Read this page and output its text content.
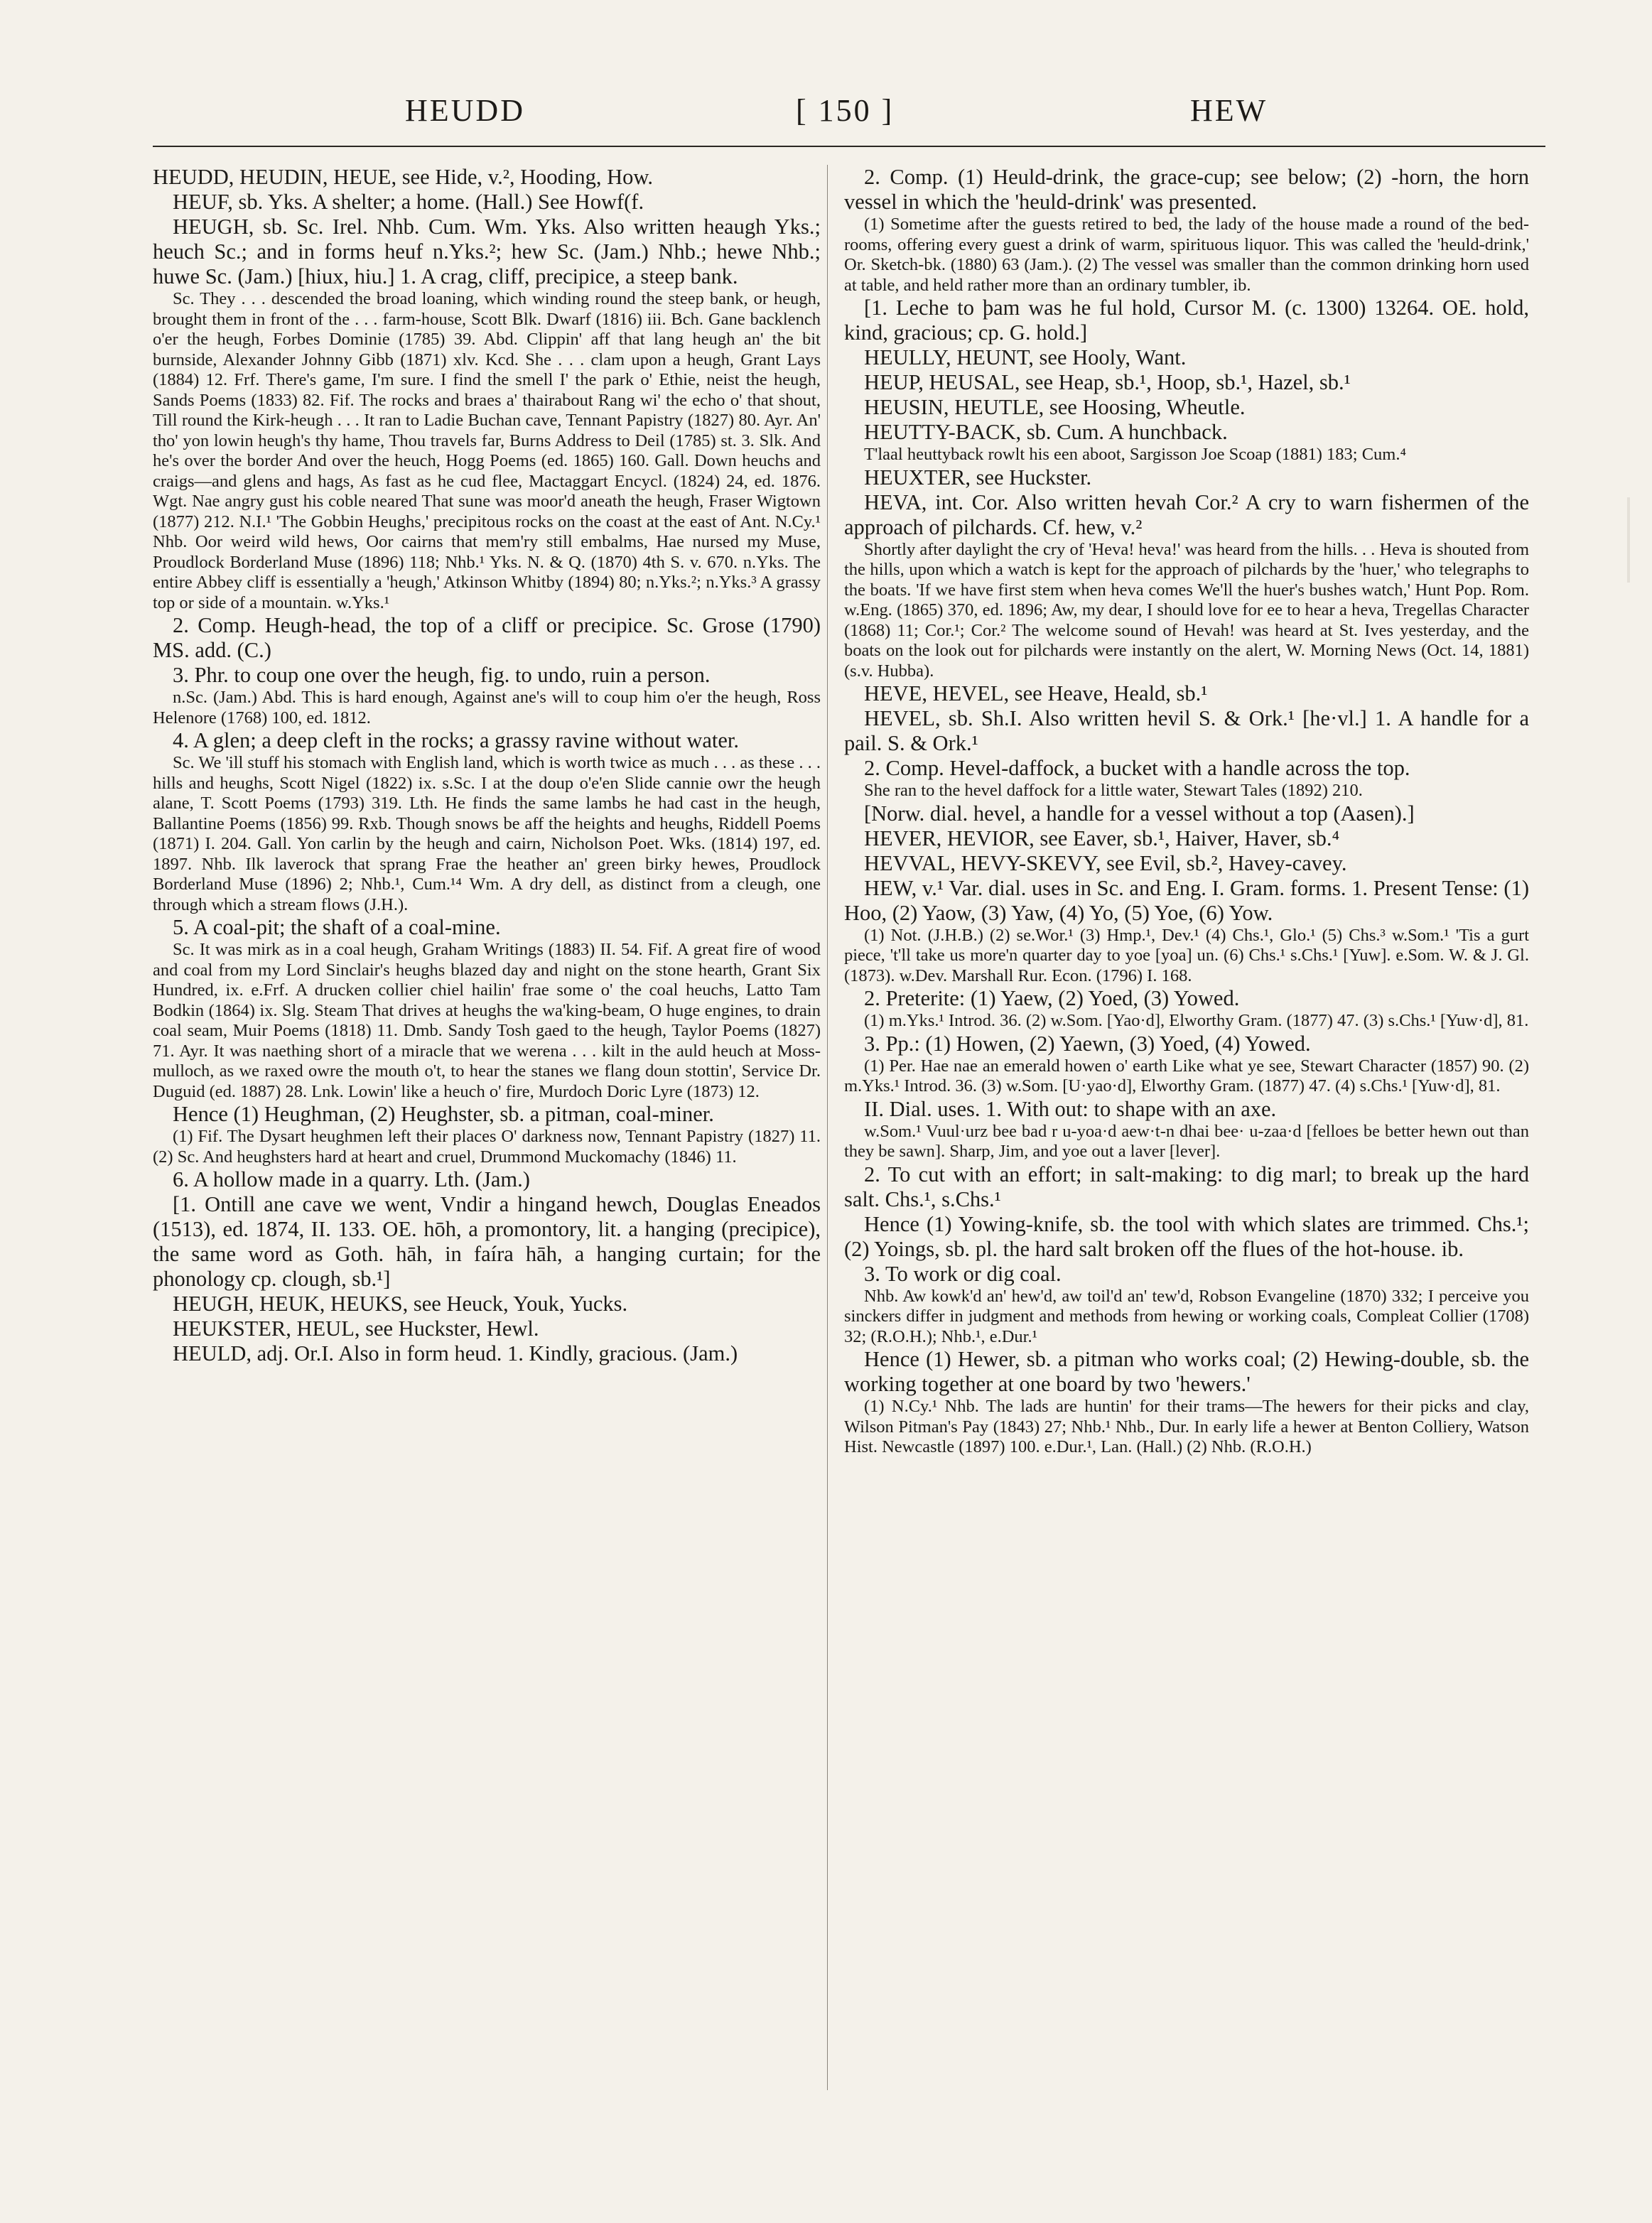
HEUDD	[ 150 ]	HEW

HEUDD, HEUDIN, HEUE, see Hide, v.², Hooding, How.

HEUF, sb. Yks. A shelter; a home. (Hall.) See Howf(f.

HEUGH, sb. Sc. Irel. Nhb. Cum. Wm. Yks. Also written heaugh Yks.; heuch Sc.; and in forms heuf n.Yks.²; hew Sc. (Jam.) Nhb.; hewe Nhb.; huwe Sc. (Jam.) [hiux, hiu.] 1. A crag, cliff, precipice, a steep bank.

Sc. They . . . descended the broad loaning, which winding round the steep bank, or heugh, brought them in front of the . . . farm-house, Scott Blk. Dwarf (1816) iii. Bch. Gane backlench o'er the heugh, Forbes Dominie (1785) 39. Abd. Clippin' aff that lang heugh an' the bit burnside, Alexander Johnny Gibb (1871) xlv. Kcd. She . . . clam upon a heugh, Grant Lays (1884) 12. Frf. There's game, I'm sure. I find the smell I' the park o' Ethie, neist the heugh, Sands Poems (1833) 82. Fif. The rocks and braes a' thairabout Rang wi' the echo o' that shout, Till round the Kirk-heugh . . . It ran to Ladie Buchan cave, Tennant Papistry (1827) 80. Ayr. An' tho' yon lowin heugh's thy hame, Thou travels far, Burns Address to Deil (1785) st. 3. Slk. And he's over the border And over the heuch, Hogg Poems (ed. 1865) 160. Gall. Down heuchs and craigs—and glens and hags, As fast as he cud flee, Mactaggart Encycl. (1824) 24, ed. 1876. Wgt. Nae angry gust his coble neared That sune was moor'd aneath the heugh, Fraser Wigtown (1877) 212. N.I.¹ 'The Gobbin Heughs,' precipitous rocks on the coast at the east of Ant. N.Cy.¹ Nhb. Oor weird wild hews, Oor cairns that mem'ry still embalms, Hae nursed my Muse, Proudlock Borderland Muse (1896) 118; Nhb.¹ Yks. N. & Q. (1870) 4th S. v. 670. n.Yks. The entire Abbey cliff is essentially a 'heugh,' Atkinson Whitby (1894) 80; n.Yks.²; n.Yks.³ A grassy top or side of a mountain. w.Yks.¹

2. Comp. Heugh-head, the top of a cliff or precipice. Sc. Grose (1790) MS. add. (C.)

3. Phr. to coup one over the heugh, fig. to undo, ruin a person.

n.Sc. (Jam.) Abd. This is hard enough, Against ane's will to coup him o'er the heugh, Ross Helenore (1768) 100, ed. 1812.

4. A glen; a deep cleft in the rocks; a grassy ravine without water.

Sc. We 'ill stuff his stomach with English land, which is worth twice as much . . . as these . . . hills and heughs, Scott Nigel (1822) ix. s.Sc. I at the doup o'e'en Slide cannie owr the heugh alane, T. Scott Poems (1793) 319. Lth. He finds the same lambs he had cast in the heugh, Ballantine Poems (1856) 99. Rxb. Though snows be aff the heights and heughs, Riddell Poems (1871) I. 204. Gall. Yon carlin by the heugh and cairn, Nicholson Poet. Wks. (1814) 197, ed. 1897. Nhb. Ilk laverock that sprang Frae the heather an' green birky hewes, Proudlock Borderland Muse (1896) 2; Nhb.¹, Cum.¹⁴ Wm. A dry dell, as distinct from a cleugh, one through which a stream flows (J.H.).

5. A coal-pit; the shaft of a coal-mine.

Sc. It was mirk as in a coal heugh, Graham Writings (1883) II. 54. Fif. A great fire of wood and coal from my Lord Sinclair's heughs blazed day and night on the stone hearth, Grant Six Hundred, ix. e.Frf. A drucken collier chiel hailin' frae some o' the coal heuchs, Latto Tam Bodkin (1864) ix. Slg. Steam That drives at heughs the wa'king-beam, O huge engines, to drain coal seam, Muir Poems (1818) 11. Dmb. Sandy Tosh gaed to the heugh, Taylor Poems (1827) 71. Ayr. It was naething short of a miracle that we werena . . . kilt in the auld heuch at Moss-mulloch, as we raxed owre the mouth o't, to hear the stanes we flang doun stottin', Service Dr. Duguid (ed. 1887) 28. Lnk. Lowin' like a heuch o' fire, Murdoch Doric Lyre (1873) 12.

Hence (1) Heughman, (2) Heughster, sb. a pitman, coal-miner.

(1) Fif. The Dysart heughmen left their places O' darkness now, Tennant Papistry (1827) 11. (2) Sc. And heughsters hard at heart and cruel, Drummond Muckomachy (1846) 11.

6. A hollow made in a quarry. Lth. (Jam.)

[1. Ontill ane cave we went, Vndir a hingand hewch, Douglas Eneados (1513), ed. 1874, II. 133. OE. hōh, a promontory, lit. a hanging (precipice), the same word as Goth. hāh, in faíra hāh, a hanging curtain; for the phonology cp. clough, sb.¹]

HEUGH, HEUK, HEUKS, see Heuck, Youk, Yucks.

HEUKSTER, HEUL, see Huckster, Hewl.

HEULD, adj. Or.I. Also in form heud. 1. Kindly, gracious. (Jam.)

2. Comp. (1) Heuld-drink, the grace-cup; see below; (2) -horn, the horn vessel in which the 'heuld-drink' was presented.

(1) Sometime after the guests retired to bed, the lady of the house made a round of the bed-rooms, offering every guest a drink of warm, spirituous liquor. This was called the 'heuld-drink,' Or. Sketch-bk. (1880) 63 (Jam.). (2) The vessel was smaller than the common drinking horn used at table, and held rather more than an ordinary tumbler, ib.

[1. Leche to þam was he ful hold, Cursor M. (c. 1300) 13264. OE. hold, kind, gracious; cp. G. hold.]

HEULLY, HEUNT, see Hooly, Want.

HEUP, HEUSAL, see Heap, sb.¹, Hoop, sb.¹, Hazel, sb.¹

HEUSIN, HEUTLE, see Hoosing, Wheutle.

HEUTTY-BACK, sb. Cum. A hunchback.

T'laal heuttyback rowlt his een aboot, Sargisson Joe Scoap (1881) 183; Cum.⁴

HEUXTER, see Huckster.

HEVA, int. Cor. Also written hevah Cor.² A cry to warn fishermen of the approach of pilchards. Cf. hew, v.²

Shortly after daylight the cry of 'Heva! heva!' was heard from the hills. . . Heva is shouted from the hills, upon which a watch is kept for the approach of pilchards by the 'huer,' who telegraphs to the boats. 'If we have first stem when heva comes We'll the huer's bushes watch,' Hunt Pop. Rom. w.Eng. (1865) 370, ed. 1896; Aw, my dear, I should love for ee to hear a heva, Tregellas Character (1868) 11; Cor.¹; Cor.² The welcome sound of Hevah! was heard at St. Ives yesterday, and the boats on the look out for pilchards were instantly on the alert, W. Morning News (Oct. 14, 1881) (s.v. Hubba).

HEVE, HEVEL, see Heave, Heald, sb.¹

HEVEL, sb. Sh.I. Also written hevil S. & Ork.¹ [he·vl.] 1. A handle for a pail. S. & Ork.¹

2. Comp. Hevel-daffock, a bucket with a handle across the top.

She ran to the hevel daffock for a little water, Stewart Tales (1892) 210.

[Norw. dial. hevel, a handle for a vessel without a top (Aasen).]

HEVER, HEVIOR, see Eaver, sb.¹, Haiver, Haver, sb.⁴

HEVVAL, HEVY-SKEVY, see Evil, sb.², Havey-cavey.

HEW, v.¹ Var. dial. uses in Sc. and Eng. I. Gram. forms. 1. Present Tense: (1) Hoo, (2) Yaow, (3) Yaw, (4) Yo, (5) Yoe, (6) Yow.

(1) Not. (J.H.B.) (2) se.Wor.¹ (3) Hmp.¹, Dev.¹ (4) Chs.¹, Glo.¹ (5) Chs.³ w.Som.¹ 'Tis a gurt piece, 't'll take us more'n quarter day to yoe [yoa] un. (6) Chs.¹ s.Chs.¹ [Yuw]. e.Som. W. & J. Gl. (1873). w.Dev. Marshall Rur. Econ. (1796) I. 168.

2. Preterite: (1) Yaew, (2) Yoed, (3) Yowed.

(1) m.Yks.¹ Introd. 36. (2) w.Som. [Yao·d], Elworthy Gram. (1877) 47. (3) s.Chs.¹ [Yuw·d], 81.

3. Pp.: (1) Howen, (2) Yaewn, (3) Yoed, (4) Yowed.

(1) Per. Hae nae an emerald howen o' earth Like what ye see, Stewart Character (1857) 90. (2) m.Yks.¹ Introd. 36. (3) w.Som. [U·yao·d], Elworthy Gram. (1877) 47. (4) s.Chs.¹ [Yuw·d], 81.

II. Dial. uses. 1. With out: to shape with an axe.

w.Som.¹ Vuul·urz bee bad r u-yoa·d aew·t-n dhai bee· u-zaa·d [felloes be better hewn out than they be sawn]. Sharp, Jim, and yoe out a laver [lever].

2. To cut with an effort; in salt-making: to dig marl; to break up the hard salt. Chs.¹, s.Chs.¹

Hence (1) Yowing-knife, sb. the tool with which slates are trimmed. Chs.¹; (2) Yoings, sb. pl. the hard salt broken off the flues of the hot-house. ib.

3. To work or dig coal.

Nhb. Aw kowk'd an' hew'd, aw toil'd an' tew'd, Robson Evangeline (1870) 332; I perceive you sinckers differ in judgment and methods from hewing or working coals, Compleat Collier (1708) 32; (R.O.H.); Nhb.¹, e.Dur.¹

Hence (1) Hewer, sb. a pitman who works coal; (2) Hewing-double, sb. the working together at one board by two 'hewers.'

(1) N.Cy.¹ Nhb. The lads are huntin' for their trams—The hewers for their picks and clay, Wilson Pitman's Pay (1843) 27; Nhb.¹ Nhb., Dur. In early life a hewer at Benton Colliery, Watson Hist. Newcastle (1897) 100. e.Dur.¹, Lan. (Hall.) (2) Nhb. (R.O.H.)
